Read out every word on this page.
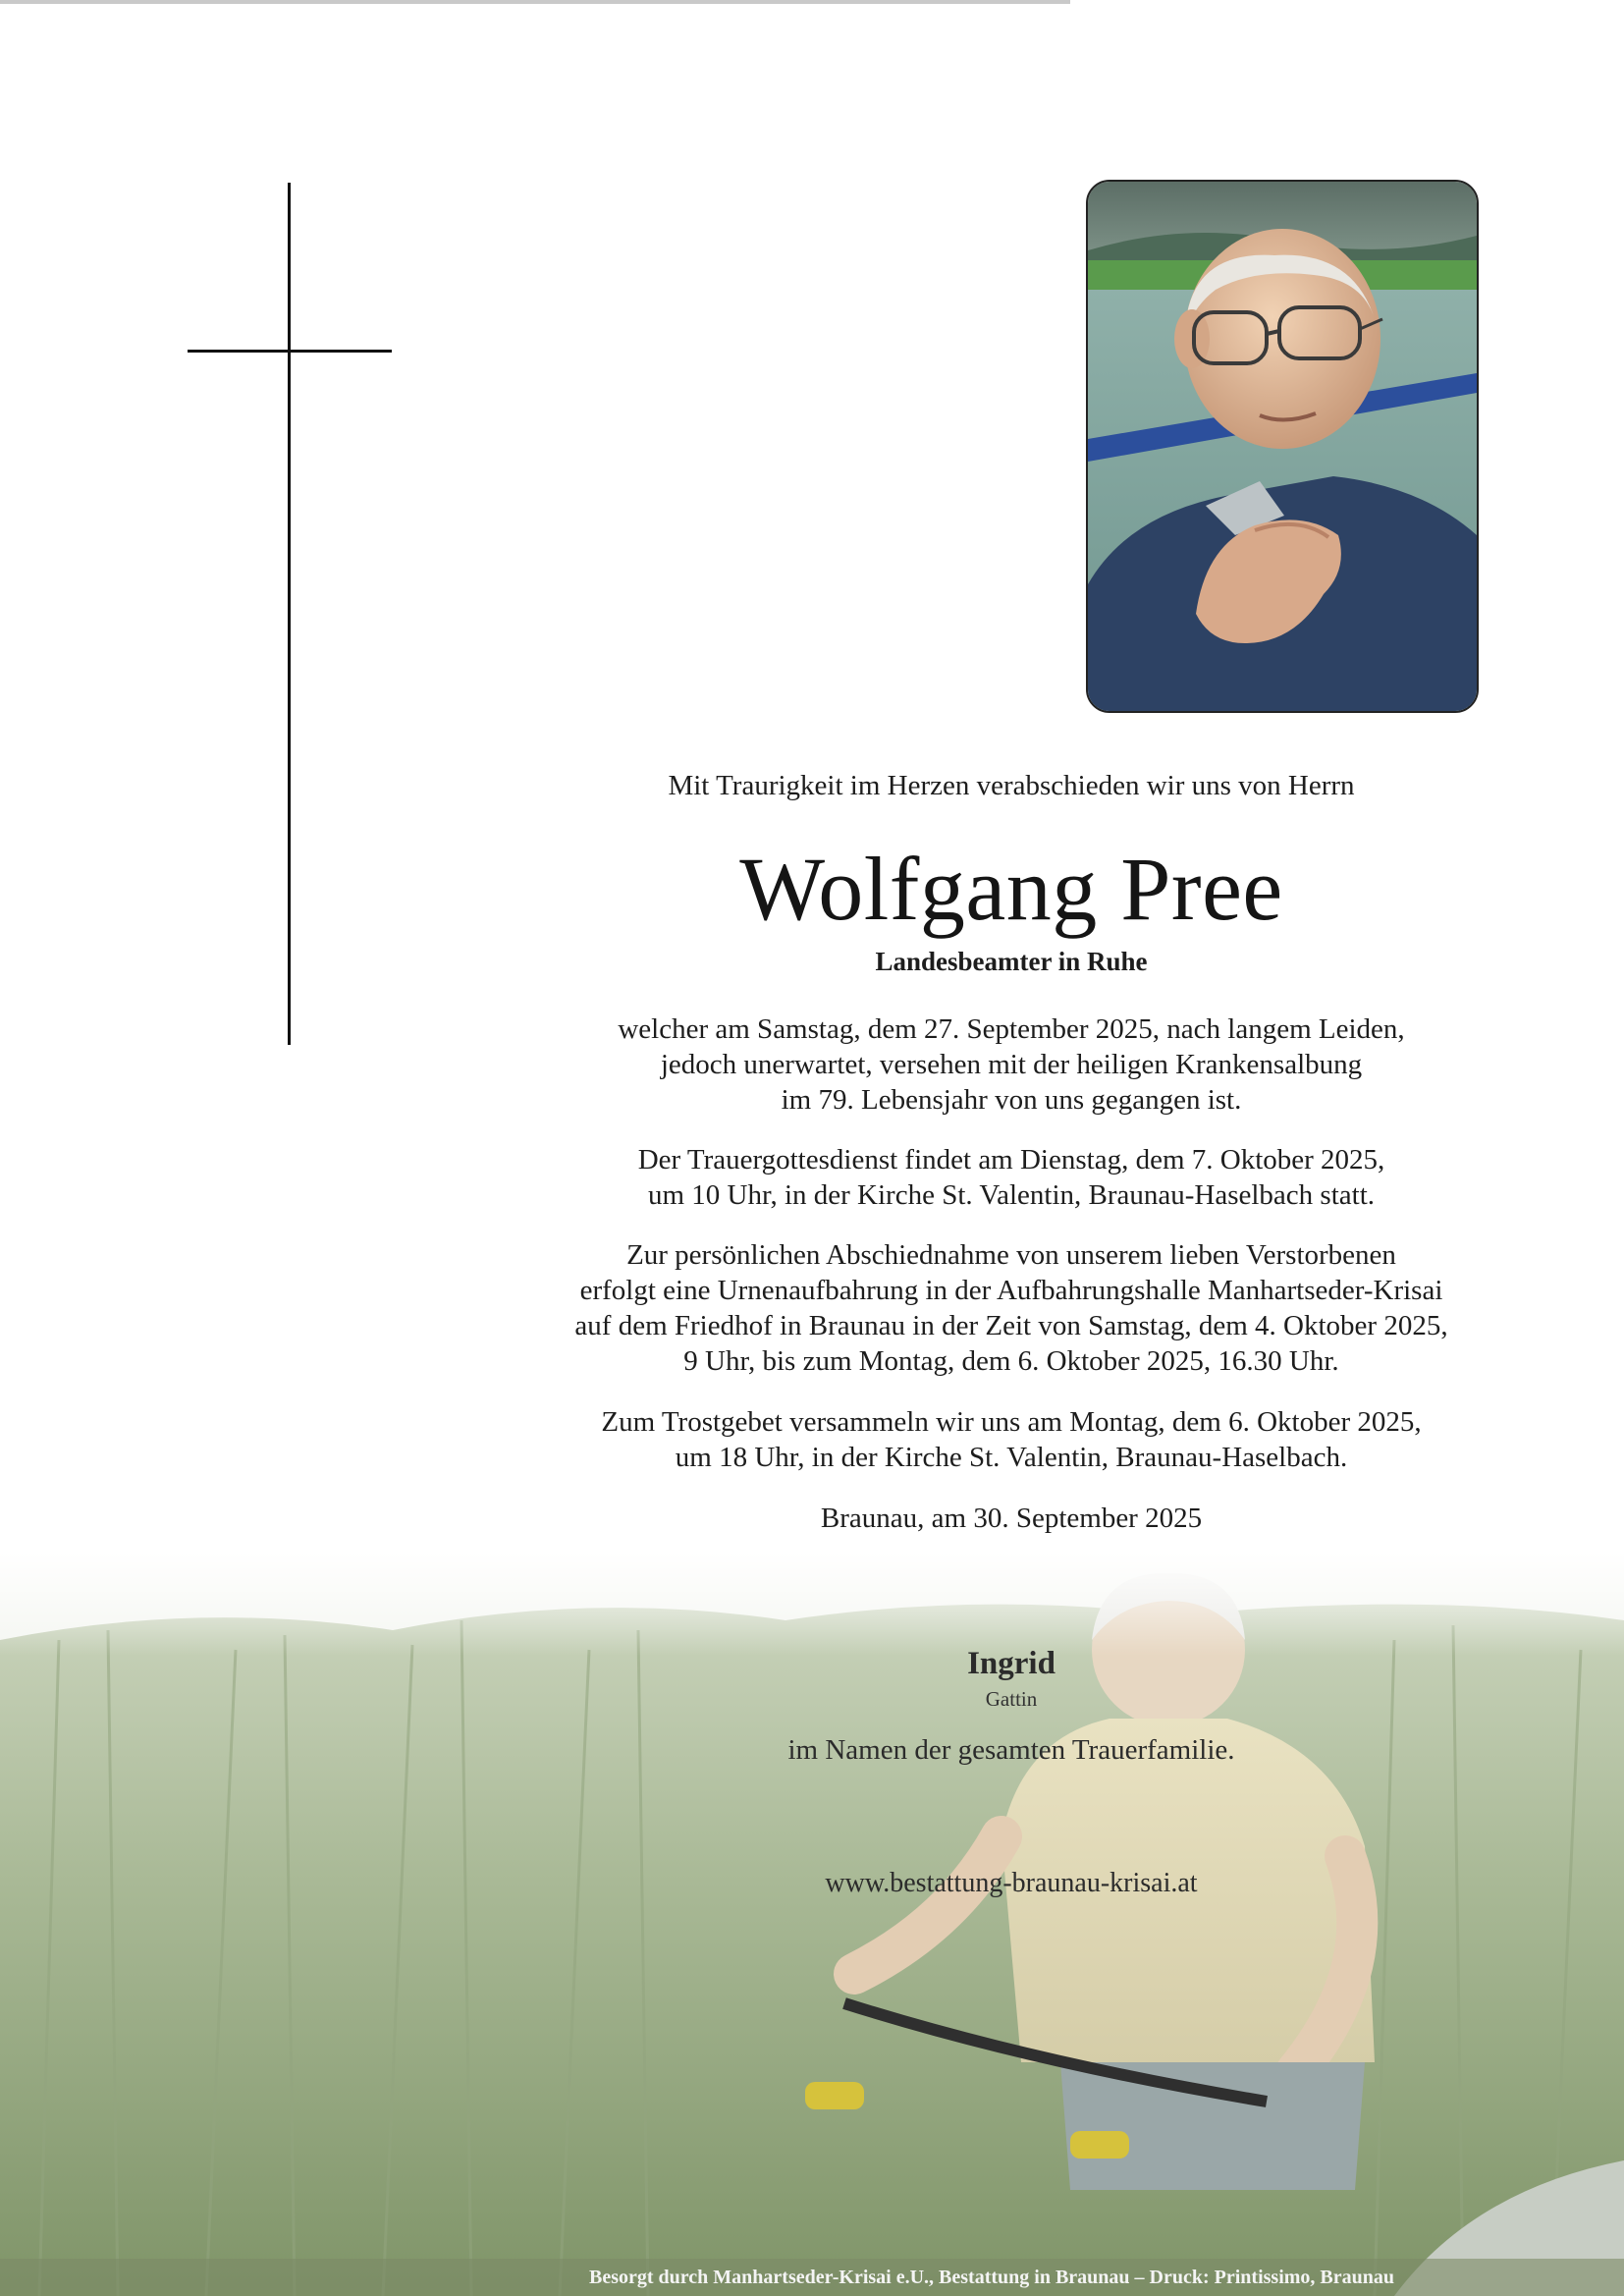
Mit Traurigkeit im Herzen verabschieden wir uns von Herrn

Wolfgang Pree

Landesbeamter in Ruhe

welcher am Samstag, dem 27. September 2025, nach langem Leiden,
jedoch unerwartet, versehen mit der heiligen Krankensalbung
im 79. Lebensjahr von uns gegangen ist.
Der Trauergottesdienst findet am Dienstag, dem 7. Oktober 2025,
um 10 Uhr, in der Kirche St. Valentin, Braunau-Haselbach statt.
Zur persönlichen Abschiednahme von unserem lieben Verstorbenen
erfolgt eine Urnenaufbahrung in der Aufbahrungshalle Manhartseder-Krisai
auf dem Friedhof in Braunau in der Zeit von Samstag, dem 4. Oktober 2025,
9 Uhr, bis zum Montag, dem 6. Oktober 2025, 16.30 Uhr.
Zum Trostgebet versammeln wir uns am Montag, dem 6. Oktober 2025,
um 18 Uhr, in der Kirche St. Valentin, Braunau-Haselbach.

Braunau, am 30. September 2025

Ingrid
Gattin
im Namen der gesamten Trauerfamilie.
www.bestattung-braunau-krisai.at
Besorgt durch Manhartseder-Krisai e.U., Bestattung in Braunau – Druck: Printissimo, Braunau
